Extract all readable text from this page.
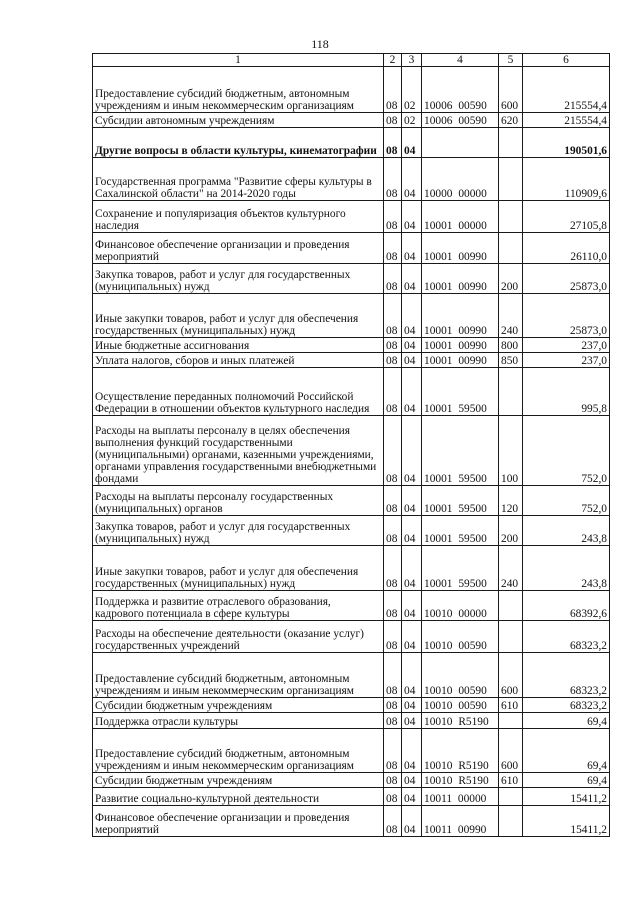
118
1	2	3	4	5	6
Предоставление субсидий бюджетным, автономным учреждениям и иным некоммерческим организациям	08	02	10006 00590	600	215554,4
Субсидии автономным учреждениям	08	02	10006 00590	620	215554,4
Другие вопросы в области культуры, кинематографии	08	04			190501,6
Государственная программа "Развитие сферы культуры в Сахалинской области" на 2014-2020 годы	08	04	10000 00000		110909,6
Сохранение и популяризация объектов культурного наследия	08	04	10001 00000		27105,8
Финансовое обеспечение организации и проведения мероприятий	08	04	10001 00990		26110,0
Закупка товаров, работ и услуг для государственных (муниципальных) нужд	08	04	10001 00990	200	25873,0
Иные закупки товаров, работ и услуг для обеспечения государственных (муниципальных) нужд	08	04	10001 00990	240	25873,0
Иные бюджетные ассигнования	08	04	10001 00990	800	237,0
Уплата налогов, сборов и иных платежей	08	04	10001 00990	850	237,0
Осуществление переданных полномочий Российской Федерации в отношении объектов культурного наследия	08	04	10001 59500		995,8
Расходы на выплаты персоналу в целях обеспечения выполнения функций государственными (муниципальными) органами, казенными учреждениями, органами управления государственными внебюджетными фондами	08	04	10001 59500	100	752,0
Расходы на выплаты персоналу государственных (муниципальных) органов	08	04	10001 59500	120	752,0
Закупка товаров, работ и услуг для государственных (муниципальных) нужд	08	04	10001 59500	200	243,8
Иные закупки товаров, работ и услуг для обеспечения государственных (муниципальных) нужд	08	04	10001 59500	240	243,8
Поддержка и развитие отраслевого образования, кадрового потенциала в сфере культуры	08	04	10010 00000		68392,6
Расходы на обеспечение деятельности (оказание услуг) государственных учреждений	08	04	10010 00590		68323,2
Предоставление субсидий бюджетным, автономным учреждениям и иным некоммерческим организациям	08	04	10010 00590	600	68323,2
Субсидии бюджетным учреждениям	08	04	10010 00590	610	68323,2
Поддержка отрасли культуры	08	04	10010 R5190		69,4
Предоставление субсидий бюджетным, автономным учреждениям и иным некоммерческим организациям	08	04	10010 R5190	600	69,4
Субсидии бюджетным учреждениям	08	04	10010 R5190	610	69,4
Развитие социально-культурной деятельности	08	04	10011 00000		15411,2
Финансовое обеспечение организации и проведения мероприятий	08	04	10011 00990		15411,2
